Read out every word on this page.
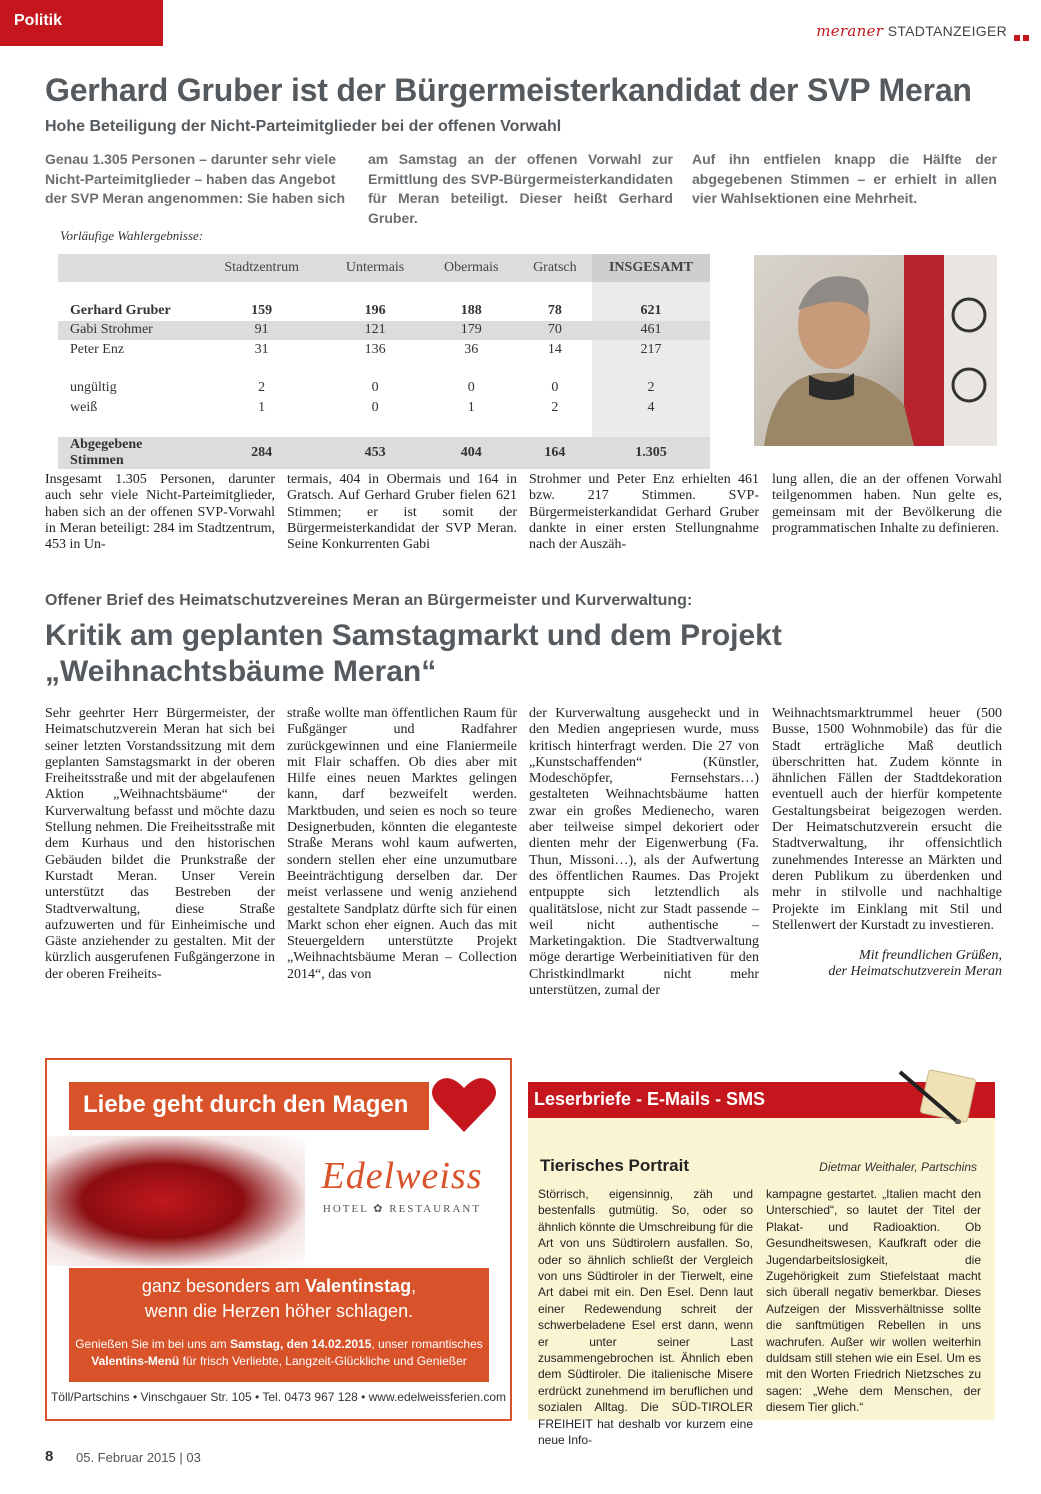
Politik
meraner STADTANZEIGER
Gerhard Gruber ist der Bürgermeisterkandidat der SVP Meran
Hohe Beteiligung der Nicht-Parteimitglieder bei der offenen Vorwahl
Genau 1.305 Personen – darunter sehr viele Nicht-Parteimitglieder – haben das Angebot der SVP Meran angenommen: Sie haben sich
am Samstag an der offenen Vorwahl zur Ermittlung des SVP-Bürgermeisterkandidaten für Meran beteiligt. Dieser heißt Gerhard Gruber.
Auf ihn entfielen knapp die Hälfte der abgegebenen Stimmen – er erhielt in allen vier Wahlsektionen eine Mehrheit.
Vorläufige Wahlergebnisse:
	Stadtzentrum	Untermais	Obermais	Gratsch	INSGESAMT

Gerhard Gruber	159	196	188	78	621
Gabi Strohmer	91	121	179	70	461
Peter Enz	31	136	36	14	217

ungültig	2	0	0	0	2
weiß	1	0	1	2	4

Abgegebene Stimmen	284	453	404	164	1.305
Insgesamt 1.305 Personen, darunter auch sehr viele Nicht-Parteimitglieder, haben sich an der offenen SVP-Vorwahl in Meran beteiligt: 284 im Stadtzentrum, 453 in Un-
termais, 404 in Obermais und 164 in Gratsch. Auf Gerhard Gruber fielen 621 Stimmen; er ist somit der Bürgermeisterkandidat der SVP Meran. Seine Konkurrenten Gabi
Strohmer und Peter Enz erhielten 461 bzw. 217 Stimmen. SVP-Bürgermeisterkandidat Gerhard Gruber dankte in einer ersten Stellungnahme nach der Auszäh-
lung allen, die an der offenen Vorwahl teilgenommen haben. Nun gelte es, gemeinsam mit der Bevölkerung die programmatischen Inhalte zu definieren.
Offener Brief des Heimatschutzvereines Meran an Bürgermeister und Kurverwaltung:
Kritik am geplanten Samstagmarkt und dem Projekt
„Weihnachtsbäume Meran“
Sehr geehrter Herr Bürgermeister, der Heimatschutzverein Meran hat sich bei seiner letzten Vorstandssitzung mit dem geplanten Samstagsmarkt in der oberen Freiheitsstraße und mit der abgelaufenen Aktion „Weihnachtsbäume“ der Kurverwaltung befasst und möchte dazu Stellung nehmen. Die Freiheitsstraße mit dem Kurhaus und den historischen Gebäuden bildet die Prunkstraße der Kurstadt Meran. Unser Verein unterstützt das Bestreben der Stadtverwaltung, diese Straße aufzuwerten und für Einheimische und Gäste anziehender zu gestalten. Mit der kürzlich ausgerufenen Fußgängerzone in der oberen Freiheits-
straße wollte man öffentlichen Raum für Fußgänger und Radfahrer zurückgewinnen und eine Flaniermeile mit Flair schaffen. Ob dies aber mit Hilfe eines neuen Marktes gelingen kann, darf bezweifelt werden. Marktbuden, und seien es noch so teure Designerbuden, könnten die eleganteste Straße Merans wohl kaum aufwerten, sondern stellen eher eine unzumutbare Beeinträchtigung derselben dar. Der meist verlassene und wenig anziehend gestaltete Sandplatz dürfte sich für einen Markt schon eher eignen. Auch das mit Steuergeldern unterstützte Projekt „Weihnachtsbäume Meran – Collection 2014“, das von
der Kurverwaltung ausgeheckt und in den Medien angepriesen wurde, muss kritisch hinterfragt werden. Die 27 von „Kunstschaffenden“ (Künstler, Modeschöpfer, Fernsehstars…) gestalteten Weihnachtsbäume hatten zwar ein großes Medienecho, waren aber teilweise simpel dekoriert oder dienten mehr der Eigenwerbung (Fa. Thun, Missoni…), als der Aufwertung des öffentlichen Raumes. Das Projekt entpuppte sich letztendlich als qualitätslose, nicht zur Stadt passende – weil nicht authentische – Marketingaktion. Die Stadtverwaltung möge derartige Werbeinitiativen für den Christkindlmarkt nicht mehr unterstützen, zumal der
Weihnachtsmarktrummel heuer (500 Busse, 1500 Wohnmobile) das für die Stadt erträgliche Maß deutlich überschritten hat. Zudem könnte in ähnlichen Fällen der Stadtdekoration eventuell auch der hierfür kompetente Gestaltungsbeirat beigezogen werden. Der Heimatschutzverein ersucht die Stadtverwaltung, ihr offensichtlich zunehmendes Interesse an Märkten und deren Publikum zu überdenken und mehr in stilvolle und nachhaltige Projekte im Einklang mit Stil und Stellenwert der Kurstadt zu investieren.
Mit freundlichen Grüßen,
der Heimatschutzverein Meran
Liebe geht durch den Magen
Edelweiss
HOTEL ✿ RESTAURANT
ganz besonders am Valentinstag,
wenn die Herzen höher schlagen.
Genießen Sie im bei uns am Samstag, den 14.02.2015, unser romantisches
Valentins-Menü für frisch Verliebte, Langzeit-Glückliche und Genießer
Töll/Partschins • Vinschgauer Str. 105 • Tel. 0473 967 128 • www.edelweissferien.com
Leserbriefe - E-Mails - SMS
Tierisches Portrait	Dietmar Weithaler, Partschins
Störrisch, eigensinnig, zäh und bestenfalls gutmütig. So, oder so ähnlich könnte die Umschreibung für die Art von uns Südtirolern ausfallen. So, oder so ähnlich schließt der Vergleich von uns Südtiroler in der Tierwelt, eine Art dabei mit ein. Den Esel. Denn laut einer Redewendung schreit der schwerbeladene Esel erst dann, wenn er unter seiner Last zusammengebrochen ist. Ähnlich eben dem Südtiroler. Die italienische Misere erdrückt zunehmend im beruflichen und sozialen Alltag. Die SÜD-TIROLER FREIHEIT hat deshalb vor kurzem eine neue Info-
kampagne gestartet. „Italien macht den Unterschied“, so lautet der Titel der Plakat- und Radioaktion. Ob Gesundheitswesen, Kaufkraft oder die Jugendarbeitslosigkeit, die Zugehörigkeit zum Stiefelstaat macht sich überall negativ bemerkbar. Dieses Aufzeigen der Missverhältnisse sollte die sanftmütigen Rebellen in uns wachrufen. Außer wir wollen weiterhin duldsam still stehen wie ein Esel. Um es mit den Worten Friedrich Nietzsches zu sagen: „Wehe dem Menschen, der diesem Tier glich.“
8 05. Februar 2015 | 03
